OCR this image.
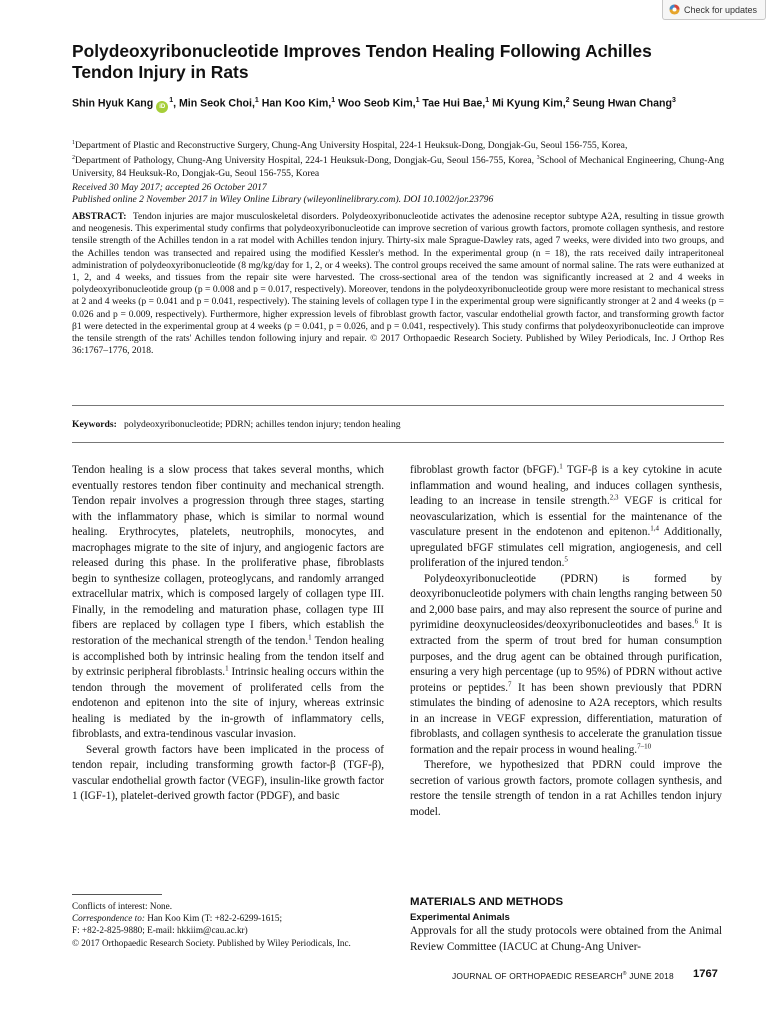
Check for updates
Polydeoxyribonucleotide Improves Tendon Healing Following Achilles Tendon Injury in Rats

Shin Hyuk Kang $iD^1$, Min Seok Choi,$^1$ Han Koo Kim,$^1$ Woo Seob Kim,$^1$ Tae Hui Bae,$^1$ Mi Kyung Kim,$^2$ Seung Hwan Chang$^3$

$^1$Department of Plastic and Reconstructive Surgery, Chung-Ang University Hospital, 224-1 Heuksuk-Dong, Dongjak-Gu, Seoul 156-755, Korea,
$^2$Department of Pathology, Chung-Ang University Hospital, 224-1 Heuksuk-Dong, Dongjak-Gu, Seoul 156-755, Korea, $^3$School of Mechanical Engineering, Chung-Ang University, 84 Heuksuk-Ro, Dongjak-Gu, Seoul 156-755, Korea

Received 30 May 2017; accepted 26 October 2017
Published online 2 November 2017 in Wiley Online Library (wileyonlinelibrary.com). DOI 10.1002/jor.23796

ABSTRACT: Tendon injuries are major musculoskeletal disorders. Polydeoxyribonucleotide activates the adenosine receptor subtype A2A, resulting in tissue growth and neogenesis. This experimental study confirms that polydeoxyribonucleotide can improve secretion of various growth factors, promote collagen synthesis, and restore tensile strength of the Achilles tendon in a rat model with Achilles tendon injury. Thirty-six male Sprague-Dawley rats, aged 7 weeks, were divided into two groups, and the Achilles tendon was transected and repaired using the modified Kessler's method. In the experimental group (n = 18), the rats received daily intraperitoneal administration of polydeoxyribonucleotide (8 mg/kg/day for 1, 2, or 4 weeks). The control groups received the same amount of normal saline. The rats were euthanized at 1, 2, and 4 weeks, and tissues from the repair site were harvested. The cross-sectional area of the tendon was significantly increased at 2 and 4 weeks in polydeoxyribonucleotide group (p = 0.008 and p = 0.017, respectively). Moreover, tendons in the polydeoxyribonucleotide group were more resistant to mechanical stress at 2 and 4 weeks (p = 0.041 and p = 0.041, respectively). The staining levels of collagen type I in the experimental group were significantly stronger at 2 and 4 weeks (p = 0.026 and p = 0.009, respectively). Furthermore, higher expression levels of fibroblast growth factor, vascular endothelial growth factor, and transforming growth factor β1 were detected in the experimental group at 4 weeks (p = 0.041, p = 0.026, and p = 0.041, respectively). This study confirms that polydeoxyribonucleotide can improve the tensile strength of the rats' Achilles tendon following injury and repair. © 2017 Orthopaedic Research Society. Published by Wiley Periodicals, Inc. J Orthop Res 36:1767–1776, 2018.

Keywords: polydeoxyribonucleotide; PDRN; achilles tendon injury; tendon healing

Tendon healing is a slow process that takes several months, which eventually restores tendon fiber continuity and mechanical strength. Tendon repair involves a progression through three stages, starting with the inflammatory phase, which is similar to normal wound healing. Erythrocytes, platelets, neutrophils, monocytes, and macrophages migrate to the site of injury, and angiogenic factors are released during this phase. In the proliferative phase, fibroblasts begin to synthesize collagen, proteoglycans, and randomly arranged extracellular matrix, which is composed largely of collagen type III. Finally, in the remodeling and maturation phase, collagen type III fibers are replaced by collagen type I fibers, which establish the restoration of the mechanical strength of the tendon.$^1$ Tendon healing is accomplished both by intrinsic healing from the tendon itself and by extrinsic peripheral fibroblasts.$^1$ Intrinsic healing occurs within the tendon through the movement of proliferated cells from the endotenon and epitenon into the site of injury, whereas extrinsic healing is mediated by the in-growth of inflammatory cells, fibroblasts, and extra-tendinous vascular invasion.

Several growth factors have been implicated in the process of tendon repair, including transforming growth factor-β (TGF-β), vascular endothelial growth factor (VEGF), insulin-like growth factor 1 (IGF-1), platelet-derived growth factor (PDGF), and basic

fibroblast growth factor (bFGF).$^1$ TGF-β is a key cytokine in acute inflammation and wound healing, and induces collagen synthesis, leading to an increase in tensile strength.$^{2,3}$ VEGF is critical for neovascularization, which is essential for the maintenance of the vasculature present in the endotenon and epitenon.$^{1,4}$ Additionally, upregulated bFGF stimulates cell migration, angiogenesis, and cell proliferation of the injured tendon.$^5$

Polydeoxyribonucleotide (PDRN) is formed by deoxyribonucleotide polymers with chain lengths ranging between 50 and 2,000 base pairs, and may also represent the source of purine and pyrimidine deoxynucleosides/deoxyribonucleotides and bases.$^6$ It is extracted from the sperm of trout bred for human consumption purposes, and the drug agent can be obtained through purification, ensuring a very high percentage (up to 95%) of PDRN without active proteins or peptides.$^7$ It has been shown previously that PDRN stimulates the binding of adenosine to A2A receptors, which results in an increase in VEGF expression, differentiation, maturation of fibroblasts, and collagen synthesis to accelerate the granulation tissue formation and the repair process in wound healing.$^{7-10}$

Therefore, we hypothesized that PDRN could improve the secretion of various growth factors, promote collagen synthesis, and restore the tensile strength of tendon in a rat Achilles tendon injury model.

Conflicts of interest: None.
Correspondence to: Han Koo Kim (T: +82-2-6299-1615;
F: +82-2-825-9880; E-mail: hkkiim@cau.ac.kr)
© 2017 Orthopaedic Research Society. Published by Wiley Periodicals, Inc.

MATERIALS AND METHODS
Experimental Animals

Approvals for all the study protocols were obtained from the Animal Review Committee (IACUC at Chung-Ang Univer-

JOURNAL OF ORTHOPAEDIC RESEARCH® JUNE 2018 1767
